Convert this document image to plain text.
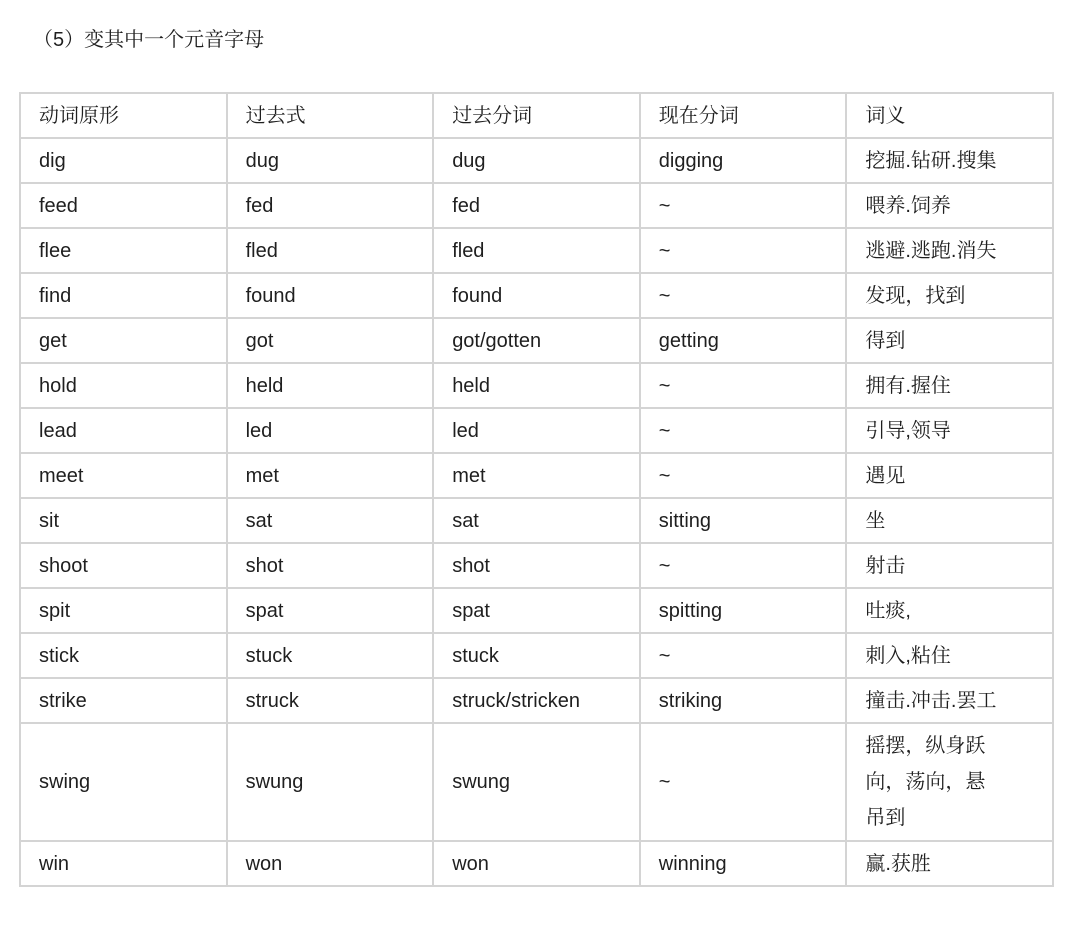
（5）变其中一个元音字母
动词原形	过去式	过去分词	现在分词	词义
dig	dug	dug	digging	挖掘.钻研.搜集
feed	fed	fed	~	喂养.饲养
flee	fled	fled	~	逃避.逃跑.消失
find	found	found	~	发现，找到
get	got	got/gotten	getting	得到
hold	held	held	~	拥有.握住
lead	led	led	~	引导,领导
meet	met	met	~	遇见
sit	sat	sat	sitting	坐
shoot	shot	shot	~	射击
spit	spat	spat	spitting	吐痰,
stick	stuck	stuck	~	刺入,粘住
strike	struck	struck/stricken	striking	撞击.冲击.罢工
swing	swung	swung	~	摇摆，纵身跃向，荡向，悬吊到
win	won	won	winning	赢.获胜
